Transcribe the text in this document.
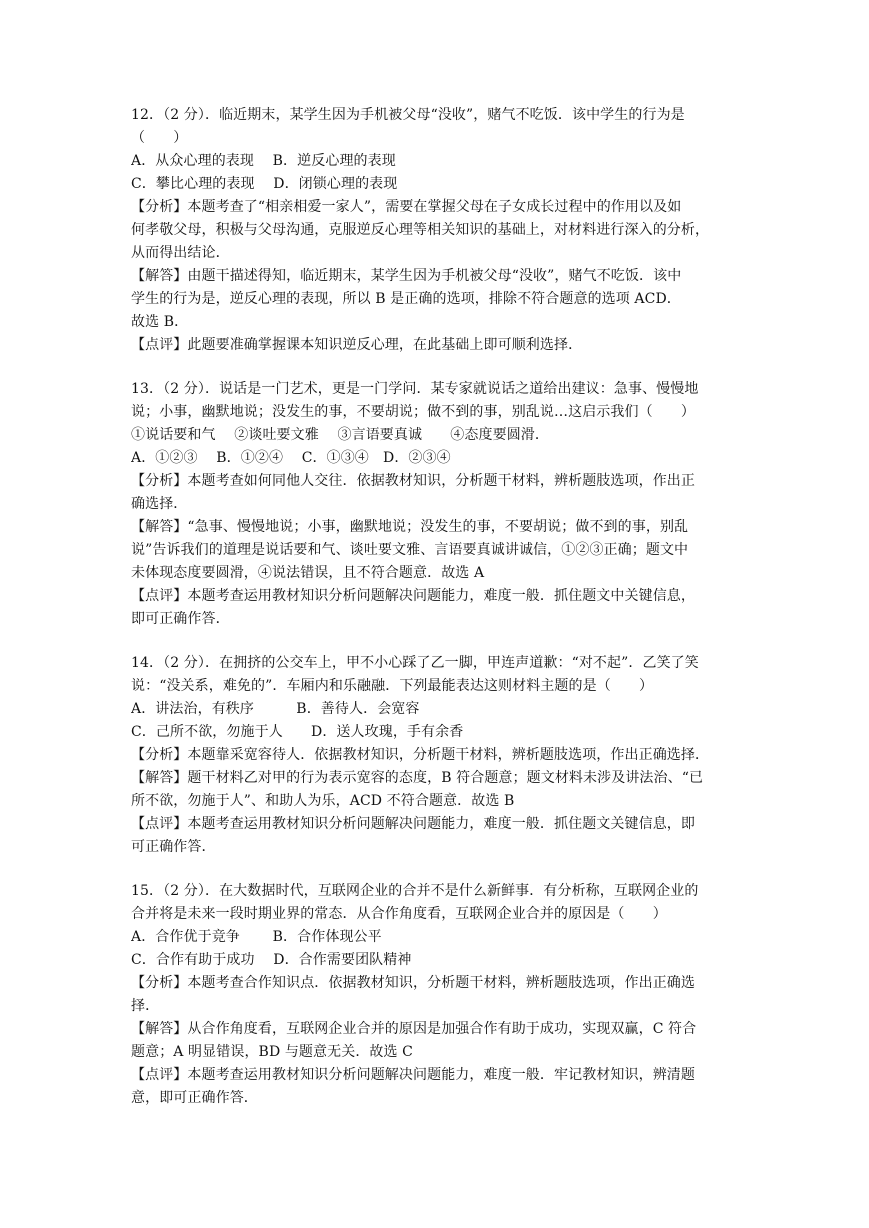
12．（2 分）．临近期末，某学生因为手机被父母“没收”，赌气不吃饭．该中学生的行为是
（　　）
A．从众心理的表现　 B．逆反心理的表现
C．攀比心理的表现　 D．闭锁心理的表现
【分析】本题考查了“相亲相爱一家人”，需要在掌握父母在子女成长过程中的作用以及如
何孝敬父母，积极与父母沟通，克服逆反心理等相关知识的基础上，对材料进行深入的分析，
从而得出结论．
【解答】由题干描述得知，临近期末，某学生因为手机被父母“没收”，赌气不吃饭．该中
学生的行为是，逆反心理的表现，所以 B 是正确的选项，排除不符合题意的选项 ACD．
故选 B．
【点评】此题要准确掌握课本知识逆反心理，在此基础上即可顺利选择．
13．（2 分）．说话是一门艺术，更是一门学问．某专家就说话之道给出建议：急事、慢慢地
说；小事，幽默地说；没发生的事，不要胡说；做不到的事，别乱说…这启示我们（　　）
①说话要和气　 ②谈吐要文雅　 ③言语要真诚　　④态度要圆滑．
A．①②③　 B．①②④　 C．①③④　D．②③④
【分析】本题考查如何同他人交往．依据教材知识，分析题干材料，辨析题肢选项，作出正
确选择．
【解答】“急事、慢慢地说；小事，幽默地说；没发生的事，不要胡说；做不到的事，别乱
说”告诉我们的道理是说话要和气、谈吐要文雅、言语要真诚讲诚信，①②③正确；题文中
未体现态度要圆滑，④说法错误，且不符合题意．故选 A
【点评】本题考查运用教材知识分析问题解决问题能力，难度一般．抓住题文中关键信息，
即可正确作答．
14．（2 分）．在拥挤的公交车上，甲不小心踩了乙一脚，甲连声道歉：“对不起”．乙笑了笑
说：“没关系，难免的”．车厢内和乐融融．下列最能表达这则材料主题的是（　　）
A．讲法治，有秩序　　　B．善待人．会宽容
C．己所不欲，勿施于人　　D．送人玫瑰，手有余香
【分析】本题靠采宽容待人．依据教材知识，分析题干材料，辨析题肢选项，作出正确选择．
【解答】题干材料乙对甲的行为表示宽容的态度，B 符合题意；题文材料未涉及讲法治、“已
所不欲，勿施于人”、和助人为乐，ACD 不符合题意．故选 B
【点评】本题考查运用教材知识分析问题解决问题能力，难度一般．抓住题文关键信息，即
可正确作答．
15．（2 分）．在大数据时代，互联网企业的合并不是什么新鲜事．有分析称，互联网企业的
合并将是未来一段时期业界的常态．从合作角度看，互联网企业合并的原因是（　　）
A．合作优于竞争　　 B．合作体现公平
C．合作有助于成功　 D．合作需要团队精神
【分析】本题考查合作知识点．依据教材知识，分析题干材料，辨析题肢选项，作出正确选
择．
【解答】从合作角度看，互联网企业合并的原因是加强合作有助于成功，实现双赢，C 符合
题意；A 明显错误，BD 与题意无关．故选 C
【点评】本题考查运用教材知识分析问题解决问题能力，难度一般．牢记教材知识，辨清题
意，即可正确作答．
